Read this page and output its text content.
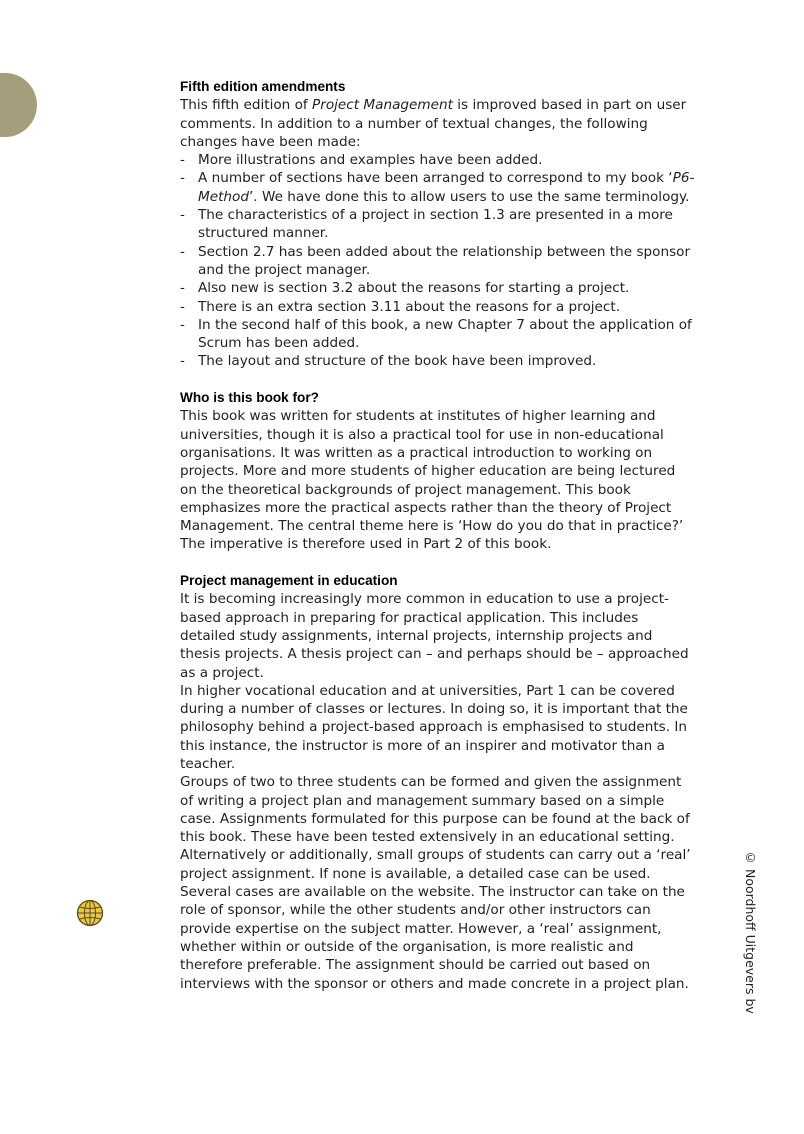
© Noordhoff Uitgevers bv
Fifth edition amendments

This fifth edition of Project Management is improved based in part on user comments. In addition to a number of textual changes, the following changes have been made:

- More illustrations and examples have been added.
- A number of sections have been arranged to correspond to my book ‘P6-Method’. We have done this to allow users to use the same terminology.
- The characteristics of a project in section 1.3 are presented in a more structured manner.
- Section 2.7 has been added about the relationship between the sponsor and the project manager.
- Also new is section 3.2 about the reasons for starting a project.
- There is an extra section 3.11 about the reasons for a project.
- In the second half of this book, a new Chapter 7 about the application of Scrum has been added.
- The layout and structure of the book have been improved.
Who is this book for?

This book was written for students at institutes of higher learning and universities, though it is also a practical tool for use in non-educational organisations. It was written as a practical introduction to working on projects. More and more students of higher education are being lectured on the theoretical backgrounds of project management. This book emphasizes more the practical aspects rather than the theory of Project Management. The central theme here is ‘How do you do that in practice?’ The imperative is therefore used in Part 2 of this book.

Project management in education

It is becoming increasingly more common in education to use a project-based approach in preparing for practical application. This includes detailed study assignments, internal projects, internship projects and thesis projects. A thesis project can – and perhaps should be – approached as a project.

In higher vocational education and at universities, Part 1 can be covered during a number of classes or lectures. In doing so, it is important that the philosophy behind a project-based approach is emphasised to students. In this instance, the instructor is more of an inspirer and motivator than a teacher.

Groups of two to three students can be formed and given the assignment of writing a project plan and management summary based on a simple case. Assignments formulated for this purpose can be found at the back of this book. These have been tested extensively in an educational setting. Alternatively or additionally, small groups of students can carry out a ‘real’ project assignment. If none is available, a detailed case can be used. Several cases are available on the website. The instructor can take on the role of sponsor, while the other students and/or other instructors can provide expertise on the subject matter. However, a ‘real’ assignment, whether within or outside of the organisation, is more realistic and therefore preferable. The assignment should be carried out based on interviews with the sponsor or others and made concrete in a project plan.
